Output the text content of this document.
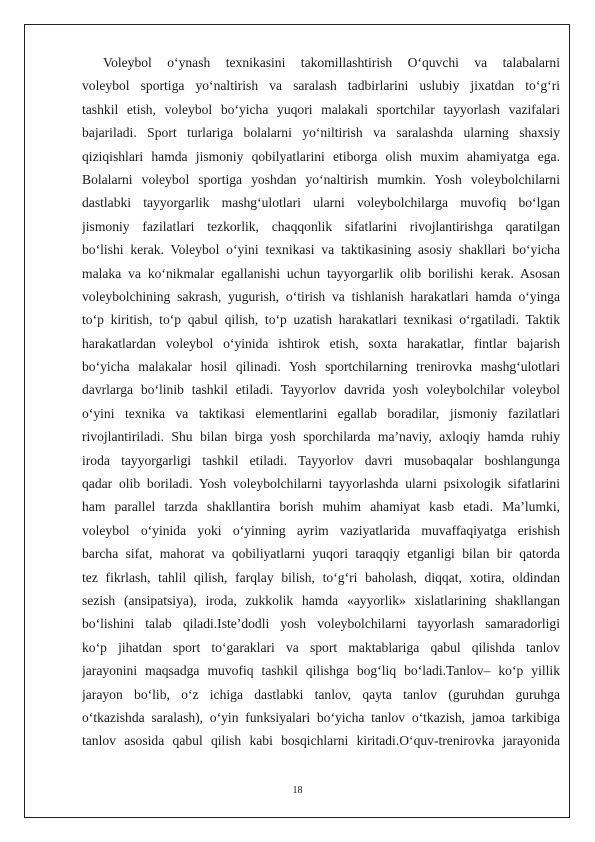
Voleybol o‘ynash texnikasini takomillashtirish O‘quvchi va talabalarni
voleybol sportiga yo‘naltirish va saralash tadbirlarini uslubiy jixatdan to‘g‘ri
tashkil etish, voleybol bo‘yicha yuqori malakali sportchilar tayyorlash vazifalari
bajariladi. Sport turlariga bolalarni yo‘niltirish va saralashda ularning shaxsiy
qiziqishlari hamda jismoniy qobilyatlarini etiborga olish muxim ahamiyatga ega.
Bolalarni voleybol sportiga yoshdan yo‘naltirish mumkin. Yosh voleybolchilarni
dastlabki tayyorgarlik mashg‘ulotlari ularni voleybolchilarga muvofiq bo‘lgan
jismoniy fazilatlari tezkorlik, chaqqonlik sifatlarini rivojlantirishga qaratilgan
bo‘lishi kerak. Voleybol o‘yini texnikasi va taktikasining asosiy shakllari bo‘yicha
malaka va ko‘nikmalar egallanishi uchun tayyorgarlik olib borilishi kerak. Asosan
voleybolchining sakrash, yugurish, o‘tirish va tishlanish harakatlari hamda o‘yinga
to‘p kiritish, to‘p qabul qilish, to‘p uzatish harakatlari texnikasi o‘rgatiladi. Taktik
harakatlardan voleybol o‘yinida ishtirok etish, soxta harakatlar, fintlar bajarish
bo‘yicha malakalar hosil qilinadi. Yosh sportchilarning trenirovka mashg‘ulotlari
davrlarga bo‘linib tashkil etiladi. Tayyorlov davrida yosh voleybolchilar voleybol
o‘yini texnika va taktikasi elementlarini egallab boradilar, jismoniy fazilatlari
rivojlantiriladi. Shu bilan birga yosh sporchilarda ma’naviy, axloqiy hamda ruhiy
iroda tayyorgarligi tashkil etiladi. Tayyorlov davri musobaqalar boshlangunga
qadar olib boriladi. Yosh voleybolchilarni tayyorlashda ularni psixologik sifatlarini
ham parallel tarzda shakllantira borish muhim ahamiyat kasb etadi. Ma’lumki,
voleybol o‘yinida yoki o‘yinning ayrim vaziyatlarida muvaffaqiyatga erishish
barcha sifat, mahorat va qobiliyatlarni yuqori taraqqiy etganligi bilan bir qatorda
tez fikrlash, tahlil qilish, farqlay bilish, to‘g‘ri baholash, diqqat, xotira, oldindan
sezish (ansipatsiya), iroda, zukkolik hamda «ayyorlik» xislatlarining shakllangan
bo‘lishini talab qiladi.Iste’dodli yosh voleybolchilarni tayyorlash samaradorligi
ko‘p jihatdan sport to‘garaklari va sport maktablariga qabul qilishda tanlov
jarayonini maqsadga muvofiq tashkil qilishga bog‘liq bo‘ladi.Tanlov– ko‘p yillik
jarayon bo‘lib, o‘z ichiga dastlabki tanlov, qayta tanlov (guruhdan guruhga
o‘tkazishda saralash), o‘yin funksiyalari bo‘yicha tanlov o‘tkazish, jamoa tarkibiga
tanlov asosida qabul qilish kabi bosqichlarni kiritadi.O‘quv-trenirovka jarayonida
18
